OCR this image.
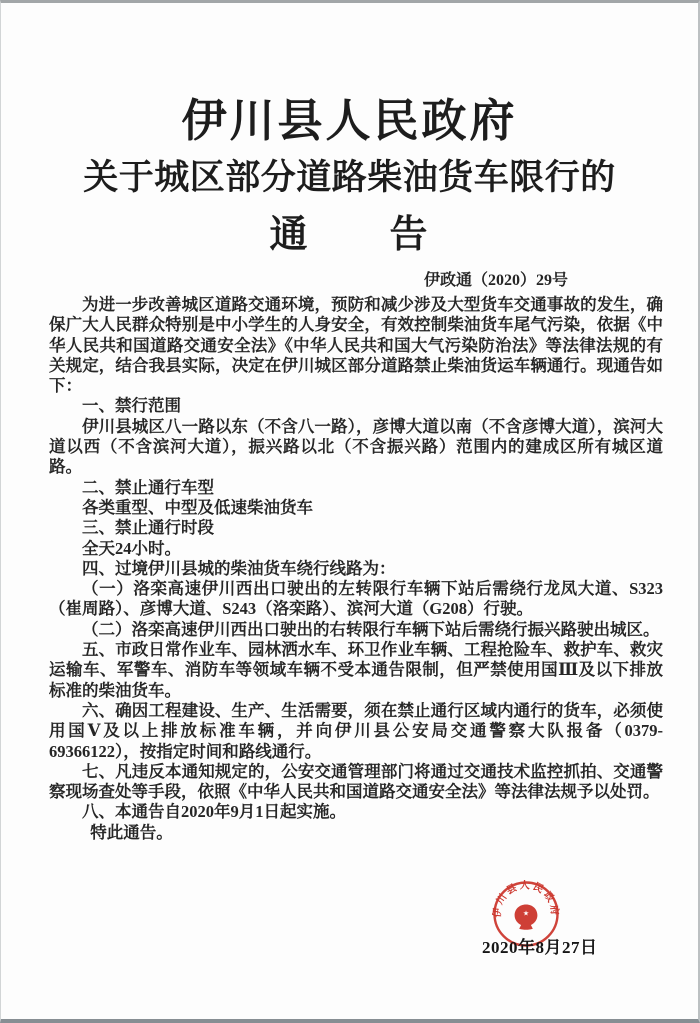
伊川县人民政府
关于城区部分道路柴油货车限行的
通　　告
伊政通（2020）29号

为进一步改善城区道路交通环境，预防和减少涉及大型货车交通事故的发生，确保广大人民群众特别是中小学生的人身安全，有效控制柴油货车尾气污染，依据《中华人民共和国道路交通安全法》《中华人民共和国大气污染防治法》等法律法规的有关规定，结合我县实际，决定在伊川城区部分道路禁止柴油货运车辆通行。现通告如下：

一、禁行范围

伊川县城区八一路以东（不含八一路），彦博大道以南（不含彦博大道），滨河大道以西（不含滨河大道），振兴路以北（不含振兴路）范围内的建成区所有城区道路。

二、禁止通行车型

各类重型、中型及低速柴油货车

三、禁止通行时段

全天24小时。

四、过境伊川县城的柴油货车绕行线路为：

（一）洛栾高速伊川西出口驶出的左转限行车辆下站后需绕行龙凤大道、S323（崔周路）、彦博大道、S243（洛栾路）、滨河大道（G208）行驶。

（二）洛栾高速伊川西出口驶出的右转限行车辆下站后需绕行振兴路驶出城区。

五、市政日常作业车、园林洒水车、环卫作业车辆、工程抢险车、救护车、救灾运输车、军警车、消防车等领域车辆不受本通告限制，但严禁使用国Ⅲ及以下排放标准的柴油货车。

六、确因工程建设、生产、生活需要，须在禁止通行区域内通行的货车，必须使用国Ⅴ及以上排放标准车辆，并向伊川县公安局交通警察大队报备（0379-69366122），按指定时间和路线通行。

七、凡违反本通知规定的，公安交通管理部门将通过交通技术监控抓拍、交通警察现场查处等手段，依照《中华人民共和国道路交通安全法》等法律法规予以处罚。

八、本通告自2020年9月1日起实施。

特此通告。

伊川县人民政府
★
2020年8月27日
